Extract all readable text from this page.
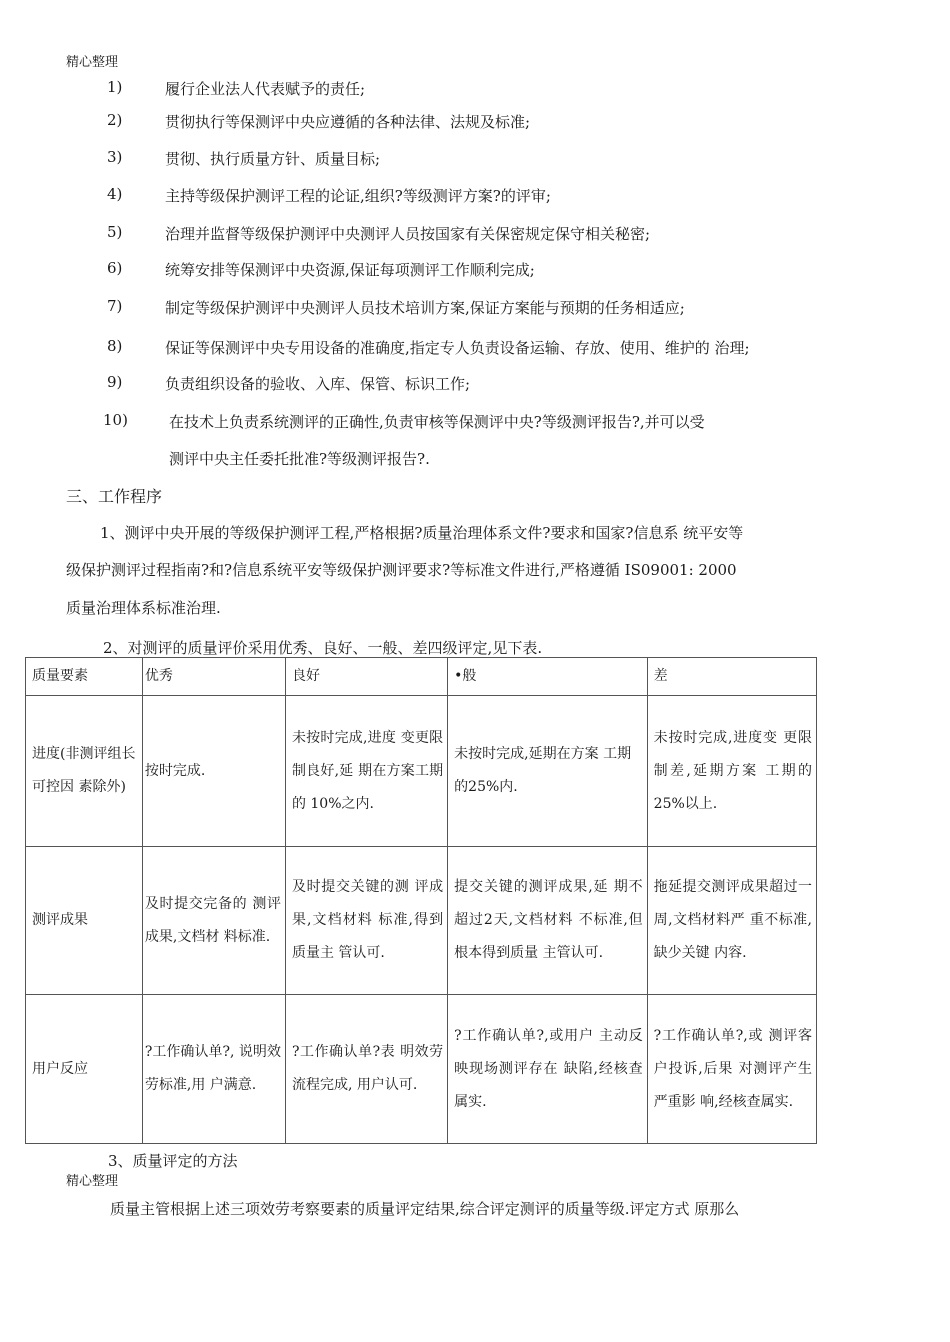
精心整理
1)	履行企业法人代表赋予的责任;
2)	贯彻执行等保测评中央应遵循的各种法律、法规及标准;
3)	贯彻、执行质量方针、质量目标;
4)	主持等级保护测评工程的论证,组织?等级测评方案?的评审;
5)	治理并监督等级保护测评中央测评人员按国家有关保密规定保守相关秘密;
6)	统筹安排等保测评中央资源,保证每项测评工作顺利完成;
7)	制定等级保护测评中央测评人员技术培训方案,保证方案能与预期的任务相适应;
8)	保证等保测评中央专用设备的准确度,指定专人负责设备运输、存放、使用、维护的 治理;
9)	负责组织设备的验收、入库、保管、标识工作;
10)	在技术上负责系统测评的正确性,负责审核等保测评中央?等级测评报告?,并可以受
测评中央主任委托批准?等级测评报告?.
三、工作程序
1、测评中央开展的等级保护测评工程,严格根据?质量治理体系文件?要求和国家?信息系 统平安等
级保护测评过程指南?和?信息系统平安等级保护测评要求?等标准文件进行,严格遵循 IS09001: 2000
质量治理体系标准治理.
2、对测评的质量评价采用优秀、良好、一般、差四级评定,见下表.
质量要素	优秀	良好	•般	差
进度(非测评组长可控因 素除外)	按时完成.	未按时完成,进度 变更限制良好,延 期在方案工期的 10%之内.	未按时完成,延期在方案 工期的25%内.	未按时完成,进度变 更限制差,延期方案 工期的25%以上.
测评成果	及时提交完备的 测评成果,文档材 料标准.	及时提交关键的测 评成果,文档材料 标准,得到质量主 管认可.	提交关键的测评成果,延 期不超过2天,文档材料 不标准,但根本得到质量 主管认可.	拖延提交测评成果超过一周,文档材料严 重不标准,缺少关键 内容.
用户反应	?工作确认单?, 说明效劳标准,用 户满意.	?工作确认单?表 明效劳流程完成, 用户认可.	?工作确认单?,或用户 主动反映现场测评存在 缺陷,经核查属实.	?工作确认单?,或 测评客户投诉,后果 对测评产生严重影 响,经核查属实.
3、质量评定的方法
精心整理
质量主管根据上述三项效劳考察要素的质量评定结果,综合评定测评的质量等级.评定方式 原那么
